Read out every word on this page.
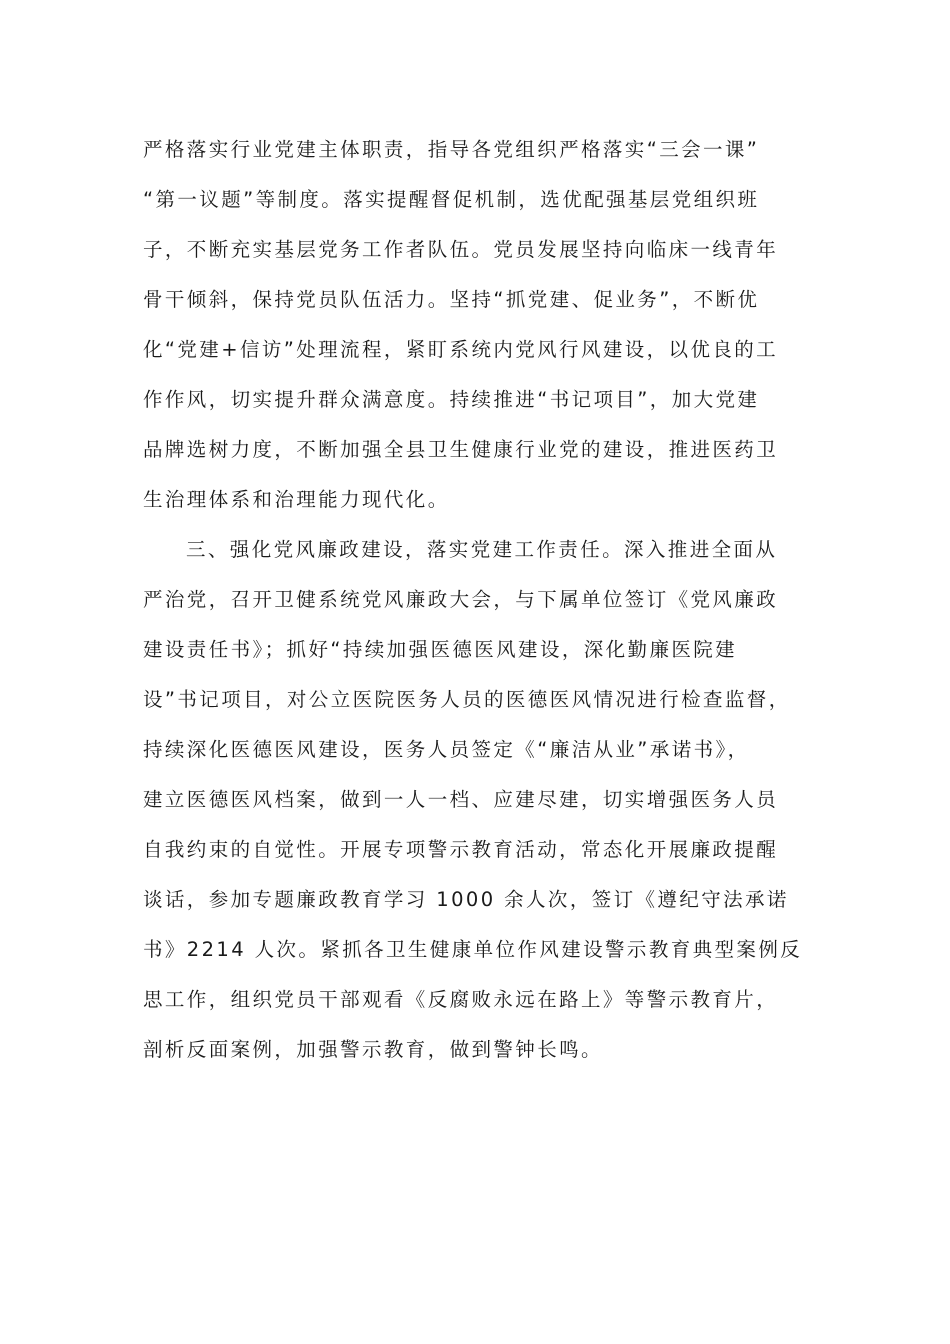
严格落实行业党建主体职责，指导各党组织严格落实“三会一课”
“第一议题”等制度。落实提醒督促机制，选优配强基层党组织班
子，不断充实基层党务工作者队伍。党员发展坚持向临床一线青年
骨干倾斜，保持党员队伍活力。坚持“抓党建、促业务”，不断优
化“党建+信访”处理流程，紧盯系统内党风行风建设，以优良的工
作作风，切实提升群众满意度。持续推进“书记项目”，加大党建
品牌选树力度，不断加强全县卫生健康行业党的建设，推进医药卫
生治理体系和治理能力现代化。
三、强化党风廉政建设，落实党建工作责任。深入推进全面从
严治党，召开卫健系统党风廉政大会，与下属单位签订《党风廉政
建设责任书》；抓好“持续加强医德医风建设，深化勤廉医院建
设”书记项目，对公立医院医务人员的医德医风情况进行检查监督，
持续深化医德医风建设，医务人员签定《“廉洁从业”承诺书》，
建立医德医风档案，做到一人一档、应建尽建，切实增强医务人员
自我约束的自觉性。开展专项警示教育活动，常态化开展廉政提醒
谈话，参加专题廉政教育学习 1000 余人次，签订《遵纪守法承诺
书》2214 人次。紧抓各卫生健康单位作风建设警示教育典型案例反
思工作，组织党员干部观看《反腐败永远在路上》等警示教育片，
剖析反面案例，加强警示教育，做到警钟长鸣。
